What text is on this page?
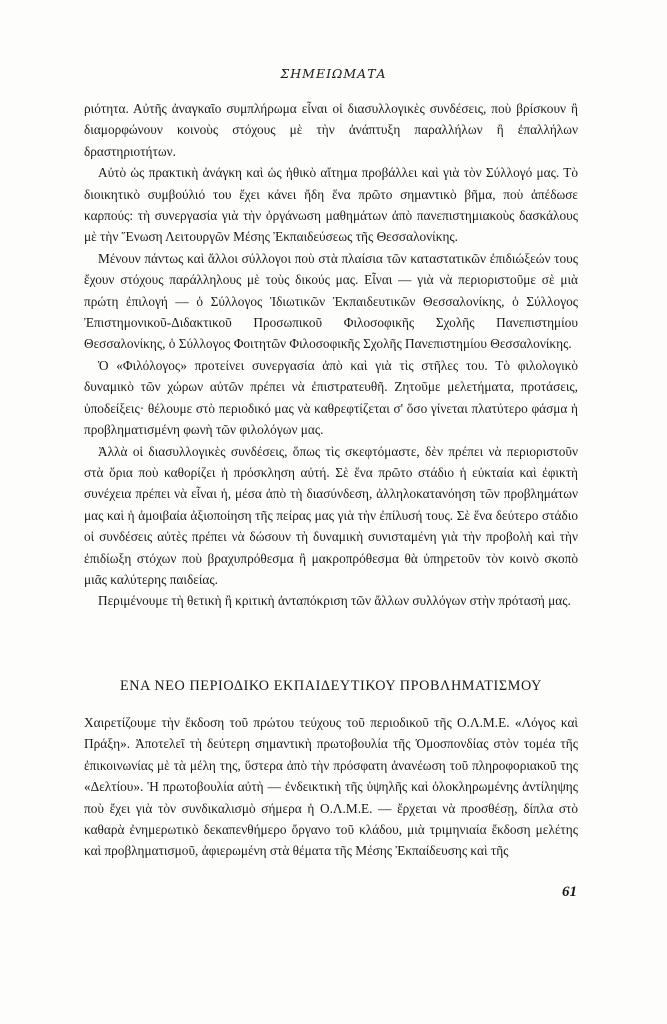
ΣΗΜΕΙΩΜΑΤΑ

ριότητα. Αὐτῆς ἀναγκαῖο συμπλήρωμα εἶναι οἱ διασυλλογικὲς συνδέσεις, ποὺ βρίσκουν ἢ διαμορφώνουν κοινοὺς στόχους μὲ τὴν ἀνάπτυξη παραλλήλων ἢ ἐπαλλήλων δραστηριοτήτων.

Αὐτὸ ὡς πρακτικὴ ἀνάγκη καὶ ὡς ἠθικὸ αἴτημα προβάλλει καὶ γιὰ τὸν Σύλλογό μας. Τὸ διοικητικὸ συμβούλιό του ἔχει κάνει ἤδη ἕνα πρῶτο σημαντικὸ βῆμα, ποὺ ἀπέδωσε καρπούς: τὴ συνεργασία γιὰ τὴν ὀργάνωση μαθημάτων ἀπὸ πανεπιστημιακοὺς δασκάλους μὲ τὴν Ἕνωση Λειτουργῶν Μέσης Ἐκπαιδεύσεως τῆς Θεσσαλονίκης.

Μένουν πάντως καὶ ἄλλοι σύλλογοι ποὺ στὰ πλαίσια τῶν καταστατικῶν ἐπιδιώξεών τους ἔχουν στόχους παράλληλους μὲ τοὺς δικούς μας. Εἶναι — γιὰ νὰ περιοριστοῦμε σὲ μιὰ πρώτη ἐπιλογή — ὁ Σύλλογος Ἰδιωτικῶν Ἐκπαιδευτικῶν Θεσσαλονίκης, ὁ Σύλλογος Ἐπιστημονικοῦ-Διδακτικοῦ Προσωπικοῦ Φιλοσοφικῆς Σχολῆς Πανεπιστημίου Θεσσαλονίκης, ὁ Σύλλογος Φοιτητῶν Φιλοσοφικῆς Σχολῆς Πανεπιστημίου Θεσσαλονίκης.

Ὁ «Φιλόλογος» προτείνει συνεργασία ἀπὸ καὶ γιὰ τὶς στῆλες του. Τὸ φιλολογικὸ δυναμικὸ τῶν χώρων αὐτῶν πρέπει νὰ ἐπιστρατευθῆ. Ζητοῦμε μελετήματα, προτάσεις, ὑποδείξεις· θέλουμε στὸ περιοδικό μας νὰ καθρεφτίζεται σ' ὅσο γίνεται πλατύτερο φάσμα ἡ προβληματισμένη φωνὴ τῶν φιλολόγων μας.

Ἀλλὰ οἱ διασυλλογικὲς συνδέσεις, ὅπως τὶς σκεφτόμαστε, δὲν πρέπει νὰ περιοριστοῦν στὰ ὅρια ποὺ καθορίζει ἡ πρόσκληση αὐτή. Σὲ ἕνα πρῶτο στάδιο ἡ εὐκταία καὶ ἐφικτὴ συνέχεια πρέπει νὰ εἶναι ἡ, μέσα ἀπὸ τὴ διασύνδεση, ἀλληλοκατανόηση τῶν προβλημάτων μας καὶ ἡ ἀμοιβαία ἀξιοποίηση τῆς πείρας μας γιὰ τὴν ἐπίλυσή τους. Σὲ ἕνα δεύτερο στάδιο οἱ συνδέσεις αὐτὲς πρέπει νὰ δώσουν τὴ δυναμικὴ συνισταμένη γιὰ τὴν προβολὴ καὶ τὴν ἐπιδίωξη στόχων ποὺ βραχυπρόθεσμα ἢ μακροπρόθεσμα θὰ ὑπηρετοῦν τὸν κοινὸ σκοπὸ μιᾶς καλύτερης παιδείας.

Περιμένουμε τὴ θετικὴ ἢ κριτικὴ ἀνταπόκριση τῶν ἄλλων συλλόγων στὴν πρότασή μας.

ΕΝΑ ΝΕΟ ΠΕΡΙΟΔΙΚΟ ΕΚΠΑΙΔΕΥΤΙΚΟΥ ΠΡΟΒΛΗΜΑΤΙΣΜΟΥ

Χαιρετίζουμε τὴν ἔκδοση τοῦ πρώτου τεύχους τοῦ περιοδικοῦ τῆς Ο.Λ.Μ.Ε. «Λόγος καὶ Πράξη». Ἀποτελεῖ τὴ δεύτερη σημαντικὴ πρωτοβουλία τῆς Ὁμοσπονδίας στὸν τομέα τῆς ἐπικοινωνίας μὲ τὰ μέλη της, ὕστερα ἀπὸ τὴν πρόσφατη ἀνανέωση τοῦ πληροφοριακοῦ της «Δελτίου». Ἡ πρωτοβουλία αὐτὴ — ἐνδεικτικὴ τῆς ὑψηλῆς καὶ ὁλοκληρωμένης ἀντίληψης ποὺ ἔχει γιὰ τὸν συνδικαλισμὸ σήμερα ἡ Ο.Λ.Μ.Ε. — ἔρχεται νὰ προσθέσῃ, δίπλα στὸ καθαρὰ ἐνημερωτικὸ δεκαπενθήμερο ὄργανο τοῦ κλάδου, μιὰ τριμηνιαία ἔκδοση μελέτης καὶ προβληματισμοῦ, ἀφιερωμένη στὰ θέματα τῆς Μέσης Ἐκπαίδευσης καὶ τῆς

61
